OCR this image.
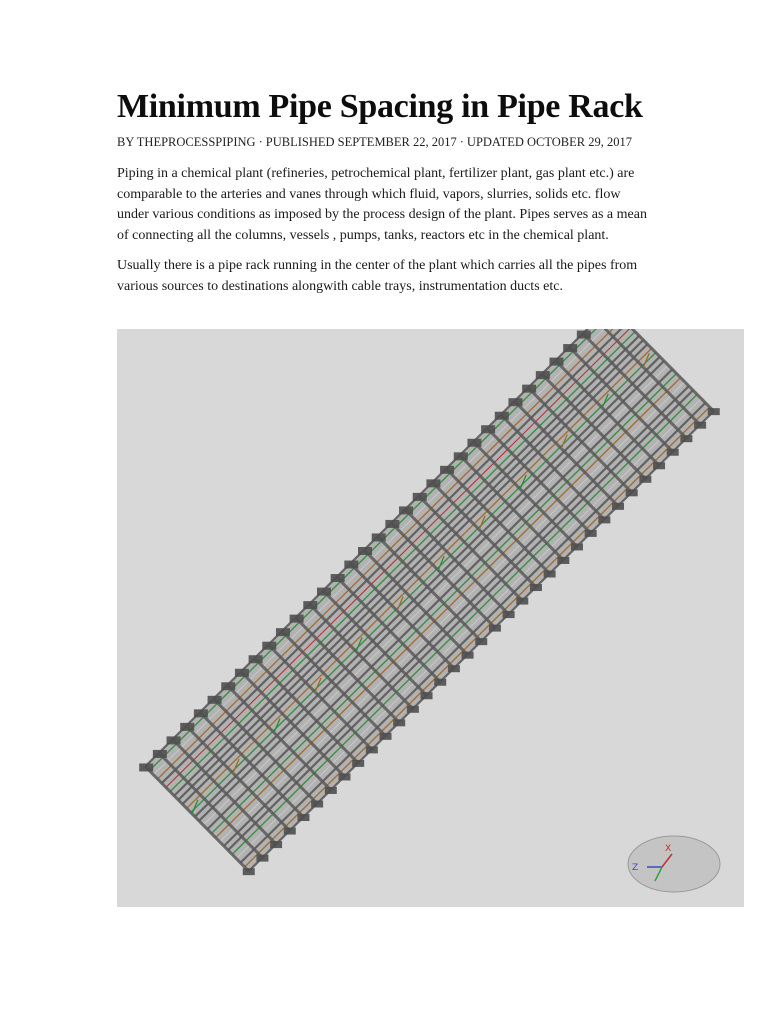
Minimum Pipe Spacing in Pipe Rack
BY THEPROCESSPIPING · PUBLISHED SEPTEMBER 22, 2017 · UPDATED OCTOBER 29, 2017

Piping in a chemical plant (refineries, petrochemical plant, fertilizer plant, gas plant etc.) are comparable to the arteries and vanes through which fluid, vapors, slurries, solids etc. flow under various conditions as imposed by the process design of the plant. Pipes serves as a mean of connecting all the columns, vessels , pumps, tanks, reactors etc in the chemical plant.

Usually there is a pipe rack running in the center of the plant which carries all the pipes from various sources to destinations alongwith cable trays, instrumentation ducts etc.

X
Z
